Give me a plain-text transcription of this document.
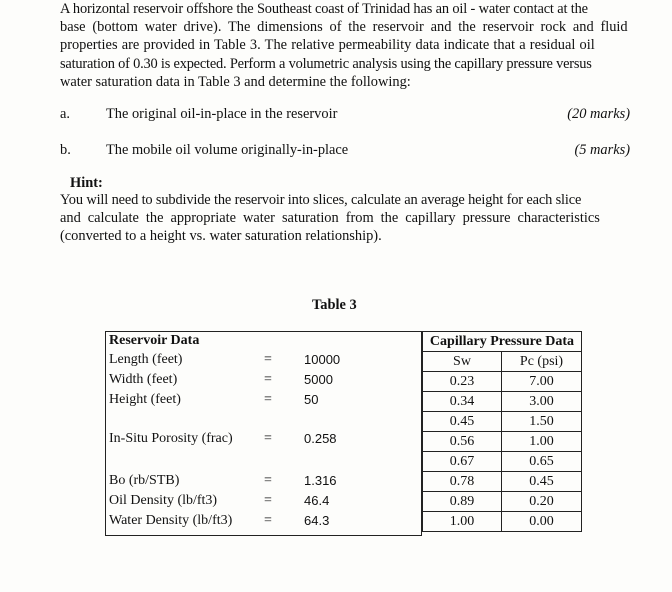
A horizontal reservoir offshore the Southeast coast of Trinidad has an oil - water contact at the
base (bottom water drive). The dimensions of the reservoir and the reservoir rock and fluid
properties are provided in Table 3. The relative permeability data indicate that a residual oil
saturation of 0.30 is expected. Perform a volumetric analysis using the capillary pressure versus
water saturation data in Table 3 and determine the following:
a.	The original oil-in-place in the reservoir	(20 marks)
b. The mobile oil volume originally-in-place	(5 marks)
Hint:
You will need to subdivide the reservoir into slices, calculate an average height for each slice
and calculate the appropriate water saturation from the capillary pressure characteristics
(converted to a height vs. water saturation relationship).
Table 3
Reservoir Data
Length (feet)	= 10000
Width (feet)	= 5000
Height (feet)	= 50
In-Situ Porosity (frac) = 0.258
Bo (rb/STB)	= 1.316
Oil Density (lb/ft3)	= 46.4
Water Density (lb/ft3) = 64.3
Capillary Pressure Data	
Sw	Pc (psi)
0.23	7.00
0.34	3.00
0.45	1.50
0.56	1.00
0.67	0.65
0.78	0.45
0.89	0.20
1.00	0.00
